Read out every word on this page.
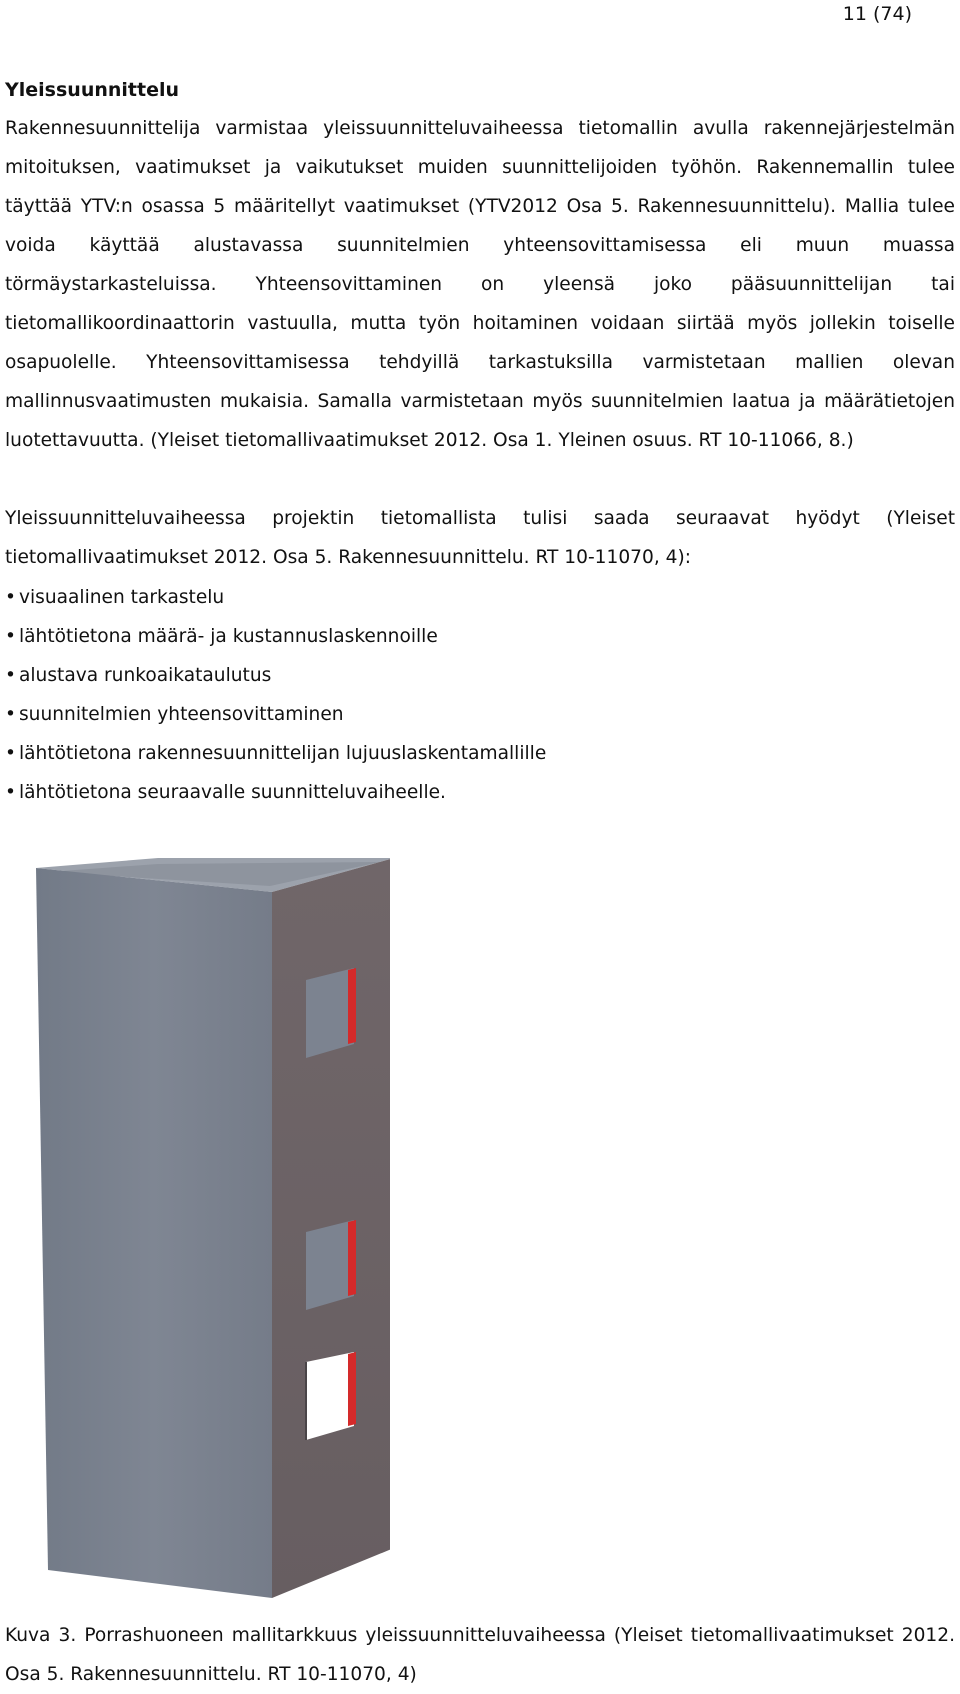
11 (74)
Yleissuunnittelu
Rakennesuunnittelija varmistaa yleissuunnitteluvaiheessa tietomallin avulla rakennejärjestelmän mitoituksen, vaatimukset ja vaikutukset muiden suunnittelijoiden työhön. Rakennemallin tulee täyttää YTV:n osassa 5 määritellyt vaatimukset (YTV2012 Osa 5. Rakennesuunnittelu). Mallia tulee voida käyttää alustavassa suunnitelmien yhteensovittamisessa eli muun muassa törmäystarkasteluissa. Yhteensovittaminen on yleensä joko pääsuunnittelijan tai tietomallikoordinaattorin vastuulla, mutta työn hoitaminen voidaan siirtää myös jollekin toiselle osapuolelle. Yhteensovittamisessa tehdyillä tarkastuksilla varmistetaan mallien olevan mallinnusvaatimusten mukaisia. Samalla varmistetaan myös suunnitelmien laatua ja määrätietojen luotettavuutta. (Yleiset tietomallivaatimukset 2012. Osa 1. Yleinen osuus. RT 10-11066, 8.)
Yleissuunnitteluvaiheessa projektin tietomallista tulisi saada seuraavat hyödyt (Yleiset tietomallivaatimukset 2012. Osa 5. Rakennesuunnittelu. RT 10-11070, 4):
• visuaalinen tarkastelu
• lähtötietona määrä- ja kustannuslaskennoille
• alustava runkoaikataulutus
• suunnitelmien yhteensovittaminen
• lähtötietona rakennesuunnittelijan lujuuslaskentamallille
• lähtötietona seuraavalle suunnitteluvaiheelle.
Kuva 3. Porrashuoneen mallitarkkuus yleissuunnitteluvaiheessa (Yleiset tietomallivaatimukset 2012. Osa 5. Rakennesuunnittelu. RT 10-11070, 4)
